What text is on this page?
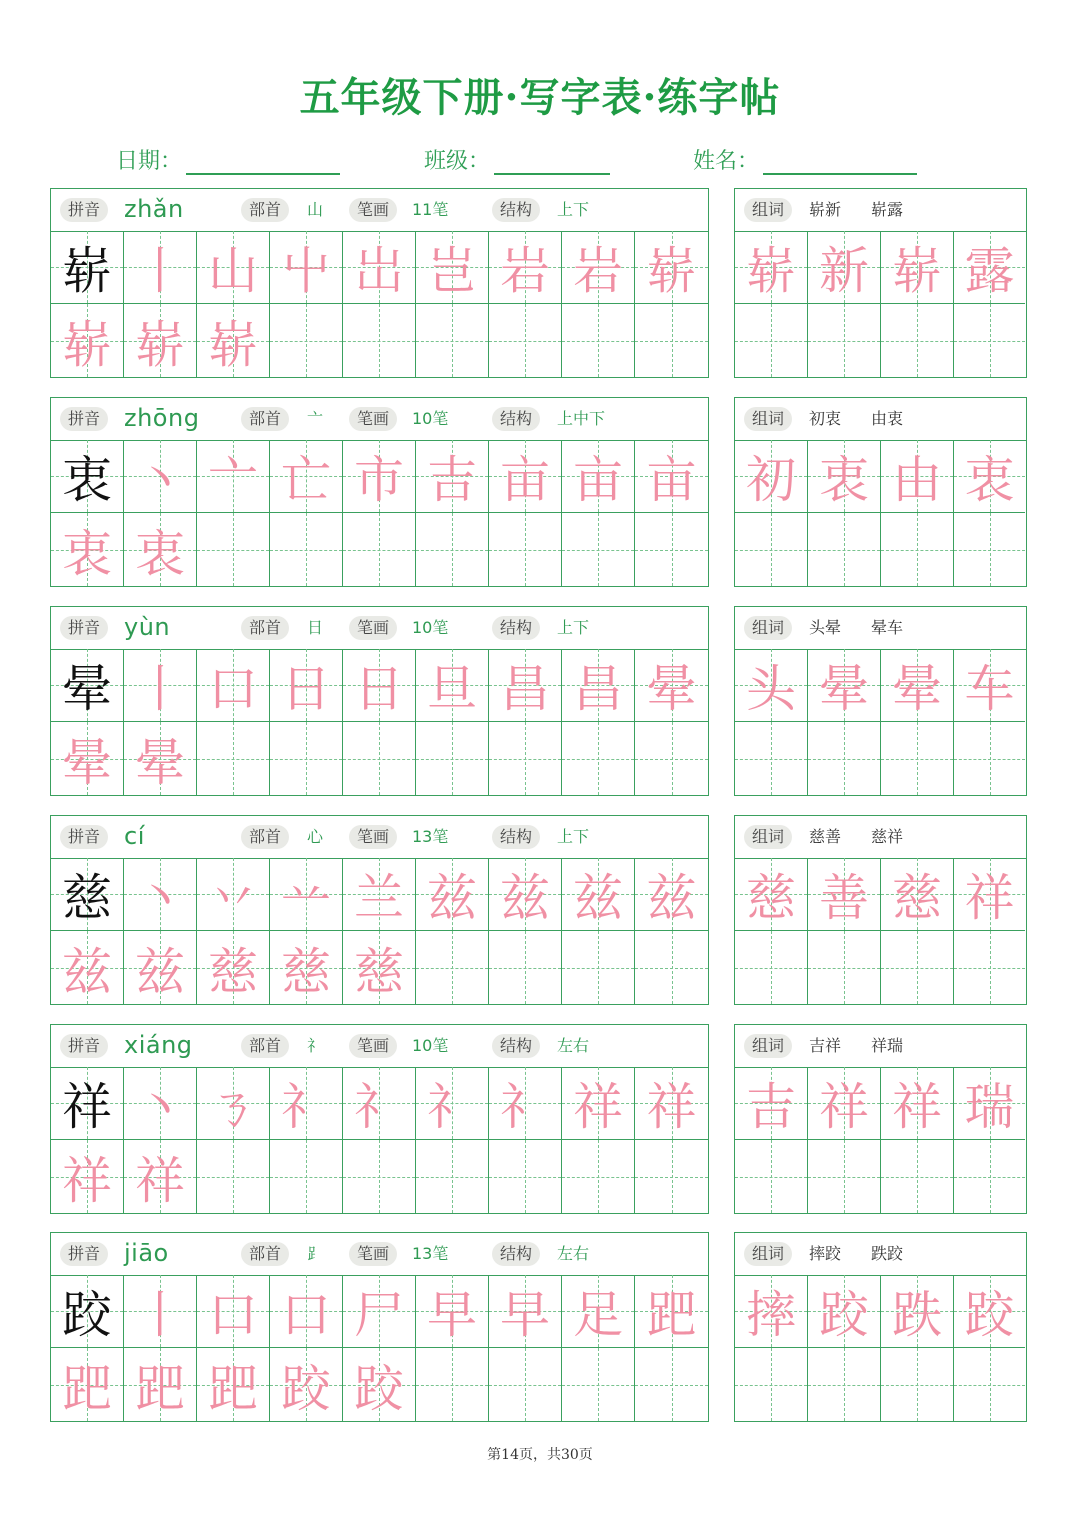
五年级下册·写字表·练字帖
日期：	班级：	姓名：
拼音 zhǎn	部首	山	笔画	11笔	结构	上下
崭 丨 山 屮 岀 岂 岩 岩 崭
崭 崭 崭
组词	崭新 崭露
崭 新 崭 露
拼音 zhōng	部首	亠	笔画	10笔	结构	上中下
衷 丶 亠 亡 市 吉 亩 亩 亩
衷 衷
组词	初衷 由衷
初 衷 由 衷
拼音 yùn	部首	日	笔画	10笔	结构	上下
晕 丨 口 日 日 旦 昌 昌 晕
晕 晕
组词	头晕 晕车
头 晕 晕 车
拼音 cí	部首	心	笔画	13笔	结构	上下
慈 丶 丷 䒑 兰 兹 兹 兹 兹
兹 兹 慈 慈 慈
组词	慈善 慈祥
慈 善 慈 祥
拼音 xiáng	部首	礻	笔画	10笔	结构	左右
祥 丶 ㄋ 礻 礻 礻 礻 祥 祥
祥 祥
组词	吉祥 祥瑞
吉 祥 祥 瑞
拼音 jiāo	部首	⻊	笔画	13笔	结构	左右
跤 丨 口 口 尸 早 早 足 跁
跁 跁 跁 跤 跤
组词	摔跤 跌跤
摔 跤 跌 跤
第14页，共30页
